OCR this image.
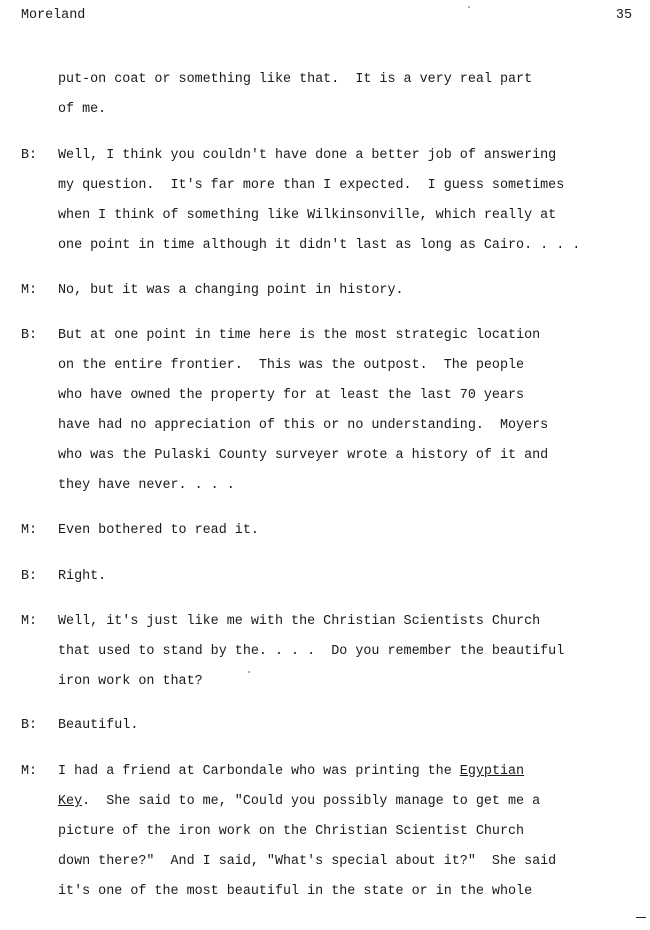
Moreland	35
put-on coat or something like that.  It is a very real part
of me.
B: Well, I think you couldn't have done a better job of answering
my question.  It's far more than I expected.  I guess sometimes
when I think of something like Wilkinsonville, which really at
one point in time although it didn't last as long as Cairo. . . .
M: No, but it was a changing point in history.
B: But at one point in time here is the most strategic location
on the entire frontier.  This was the outpost.  The people
who have owned the property for at least the last 70 years
have had no appreciation of this or no understanding.  Moyers
who was the Pulaski County surveyer wrote a history of it and
they have never. . . .
M: Even bothered to read it.
B: Right.
M: Well, it's just like me with the Christian Scientists Church
that used to stand by the. . . .  Do you remember the beautiful
iron work on that?
B: Beautiful.
M: I had a friend at Carbondale who was printing the Egyptian
Key.  She said to me, "Could you possibly manage to get me a
picture of the iron work on the Christian Scientist Church
down there?"  And I said, "What's special about it?"  She said
it's one of the most beautiful in the state or in the whole
